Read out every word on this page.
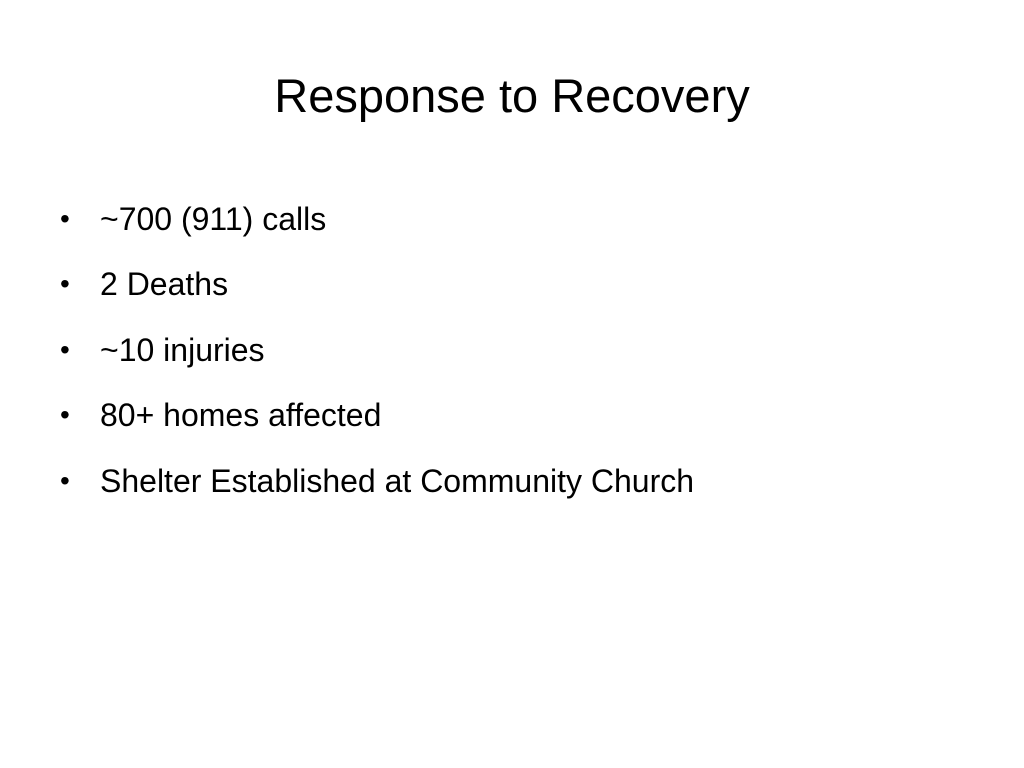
Response to Recovery
• ~700 (911) calls
• 2 Deaths
• ~10 injuries
• 80+ homes affected
• Shelter Established at Community Church
